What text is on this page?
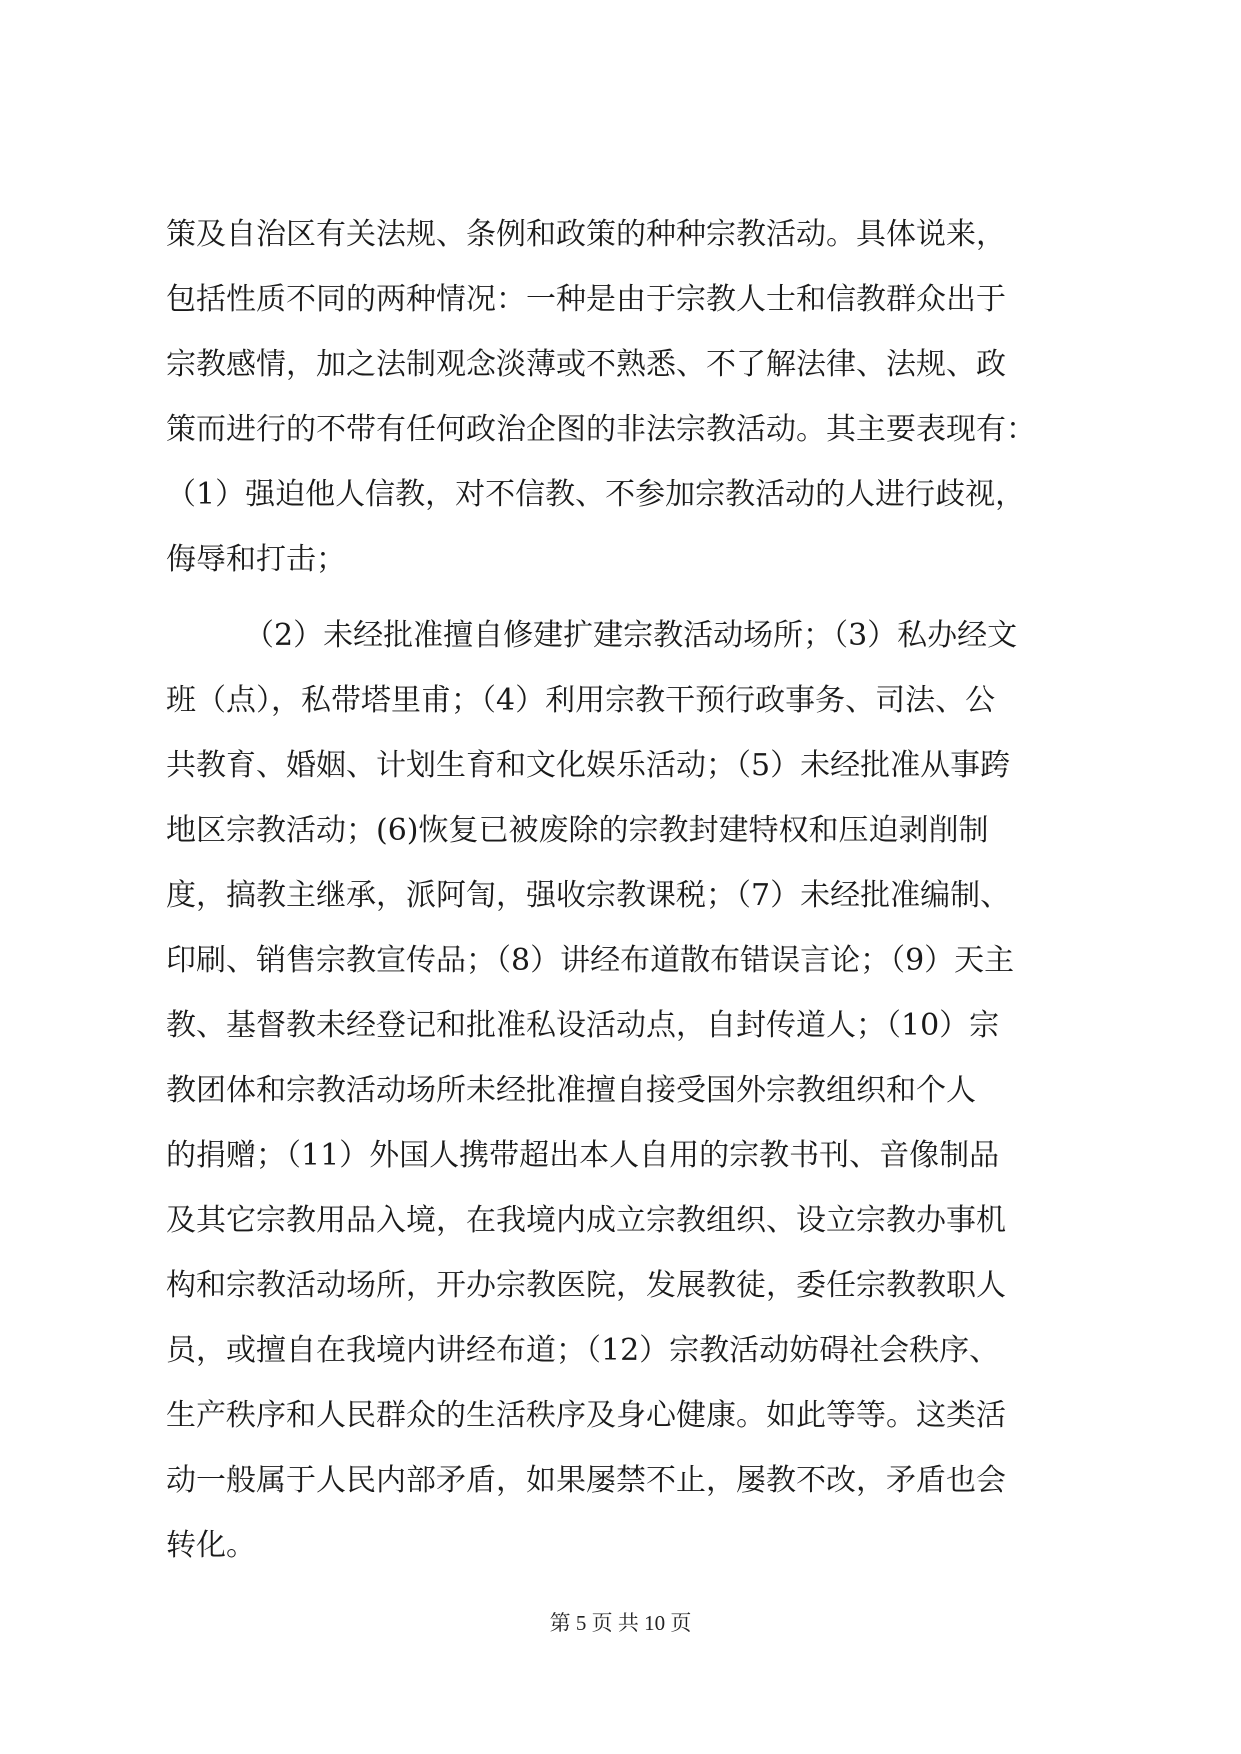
策及自治区有关法规、条例和政策的种种宗教活动。具体说来，
包括性质不同的两种情况：一种是由于宗教人士和信教群众出于
宗教感情，加之法制观念淡薄或不熟悉、不了解法律、法规、政
策而进行的不带有任何政治企图的非法宗教活动。其主要表现有：
（1）强迫他人信教，对不信教、不参加宗教活动的人进行歧视，
侮辱和打击；
（2）未经批准擅自修建扩建宗教活动场所；（3）私办经文
班（点），私带塔里甫；（4）利用宗教干预行政事务、司法、公
共教育、婚姻、计划生育和文化娱乐活动；（5）未经批准从事跨
地区宗教活动；(6)恢复已被废除的宗教封建特权和压迫剥削制
度，搞教主继承，派阿訇，强收宗教课税；（7）未经批准编制、
印刷、销售宗教宣传品；（8）讲经布道散布错误言论；（9）天主
教、基督教未经登记和批准私设活动点，自封传道人；（10）宗
教团体和宗教活动场所未经批准擅自接受国外宗教组织和个人
的捐赠；（11）外国人携带超出本人自用的宗教书刊、音像制品
及其它宗教用品入境，在我境内成立宗教组织、设立宗教办事机
构和宗教活动场所，开办宗教医院，发展教徒，委任宗教教职人
员，或擅自在我境内讲经布道；（12）宗教活动妨碍社会秩序、
生产秩序和人民群众的生活秩序及身心健康。如此等等。这类活
动一般属于人民内部矛盾，如果屡禁不止，屡教不改，矛盾也会
转化。
第 5 页 共 10 页
